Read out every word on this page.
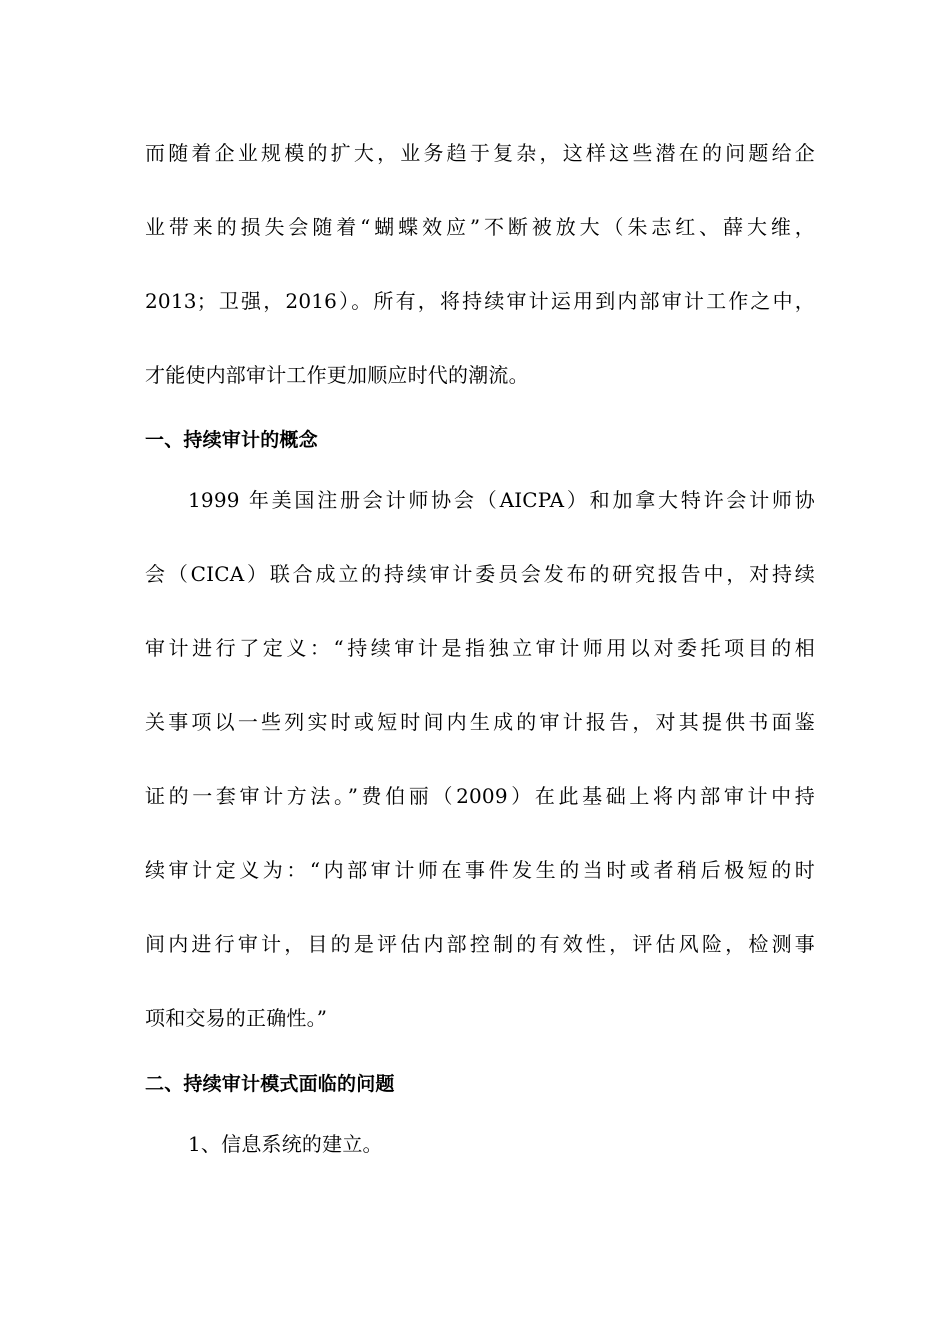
而随着企业规模的扩大，业务趋于复杂，这样这些潜在的问题给企
业带来的损失会随着“蝴蝶效应”不断被放大（朱志红、薛大维，
2013；卫强，2016）。所有，将持续审计运用到内部审计工作之中，
才能使内部审计工作更加顺应时代的潮流。
一、持续审计的概念
1999 年美国注册会计师协会（AICPA）和加拿大特许会计师协
会（CICA）联合成立的持续审计委员会发布的研究报告中，对持续
审计进行了定义：“持续审计是指独立审计师用以对委托项目的相
关事项以一些列实时或短时间内生成的审计报告，对其提供书面鉴
证的一套审计方法。”费伯丽（2009）在此基础上将内部审计中持
续审计定义为：“内部审计师在事件发生的当时或者稍后极短的时
间内进行审计，目的是评估内部控制的有效性，评估风险，检测事
项和交易的正确性。”
二、持续审计模式面临的问题
1、信息系统的建立。
